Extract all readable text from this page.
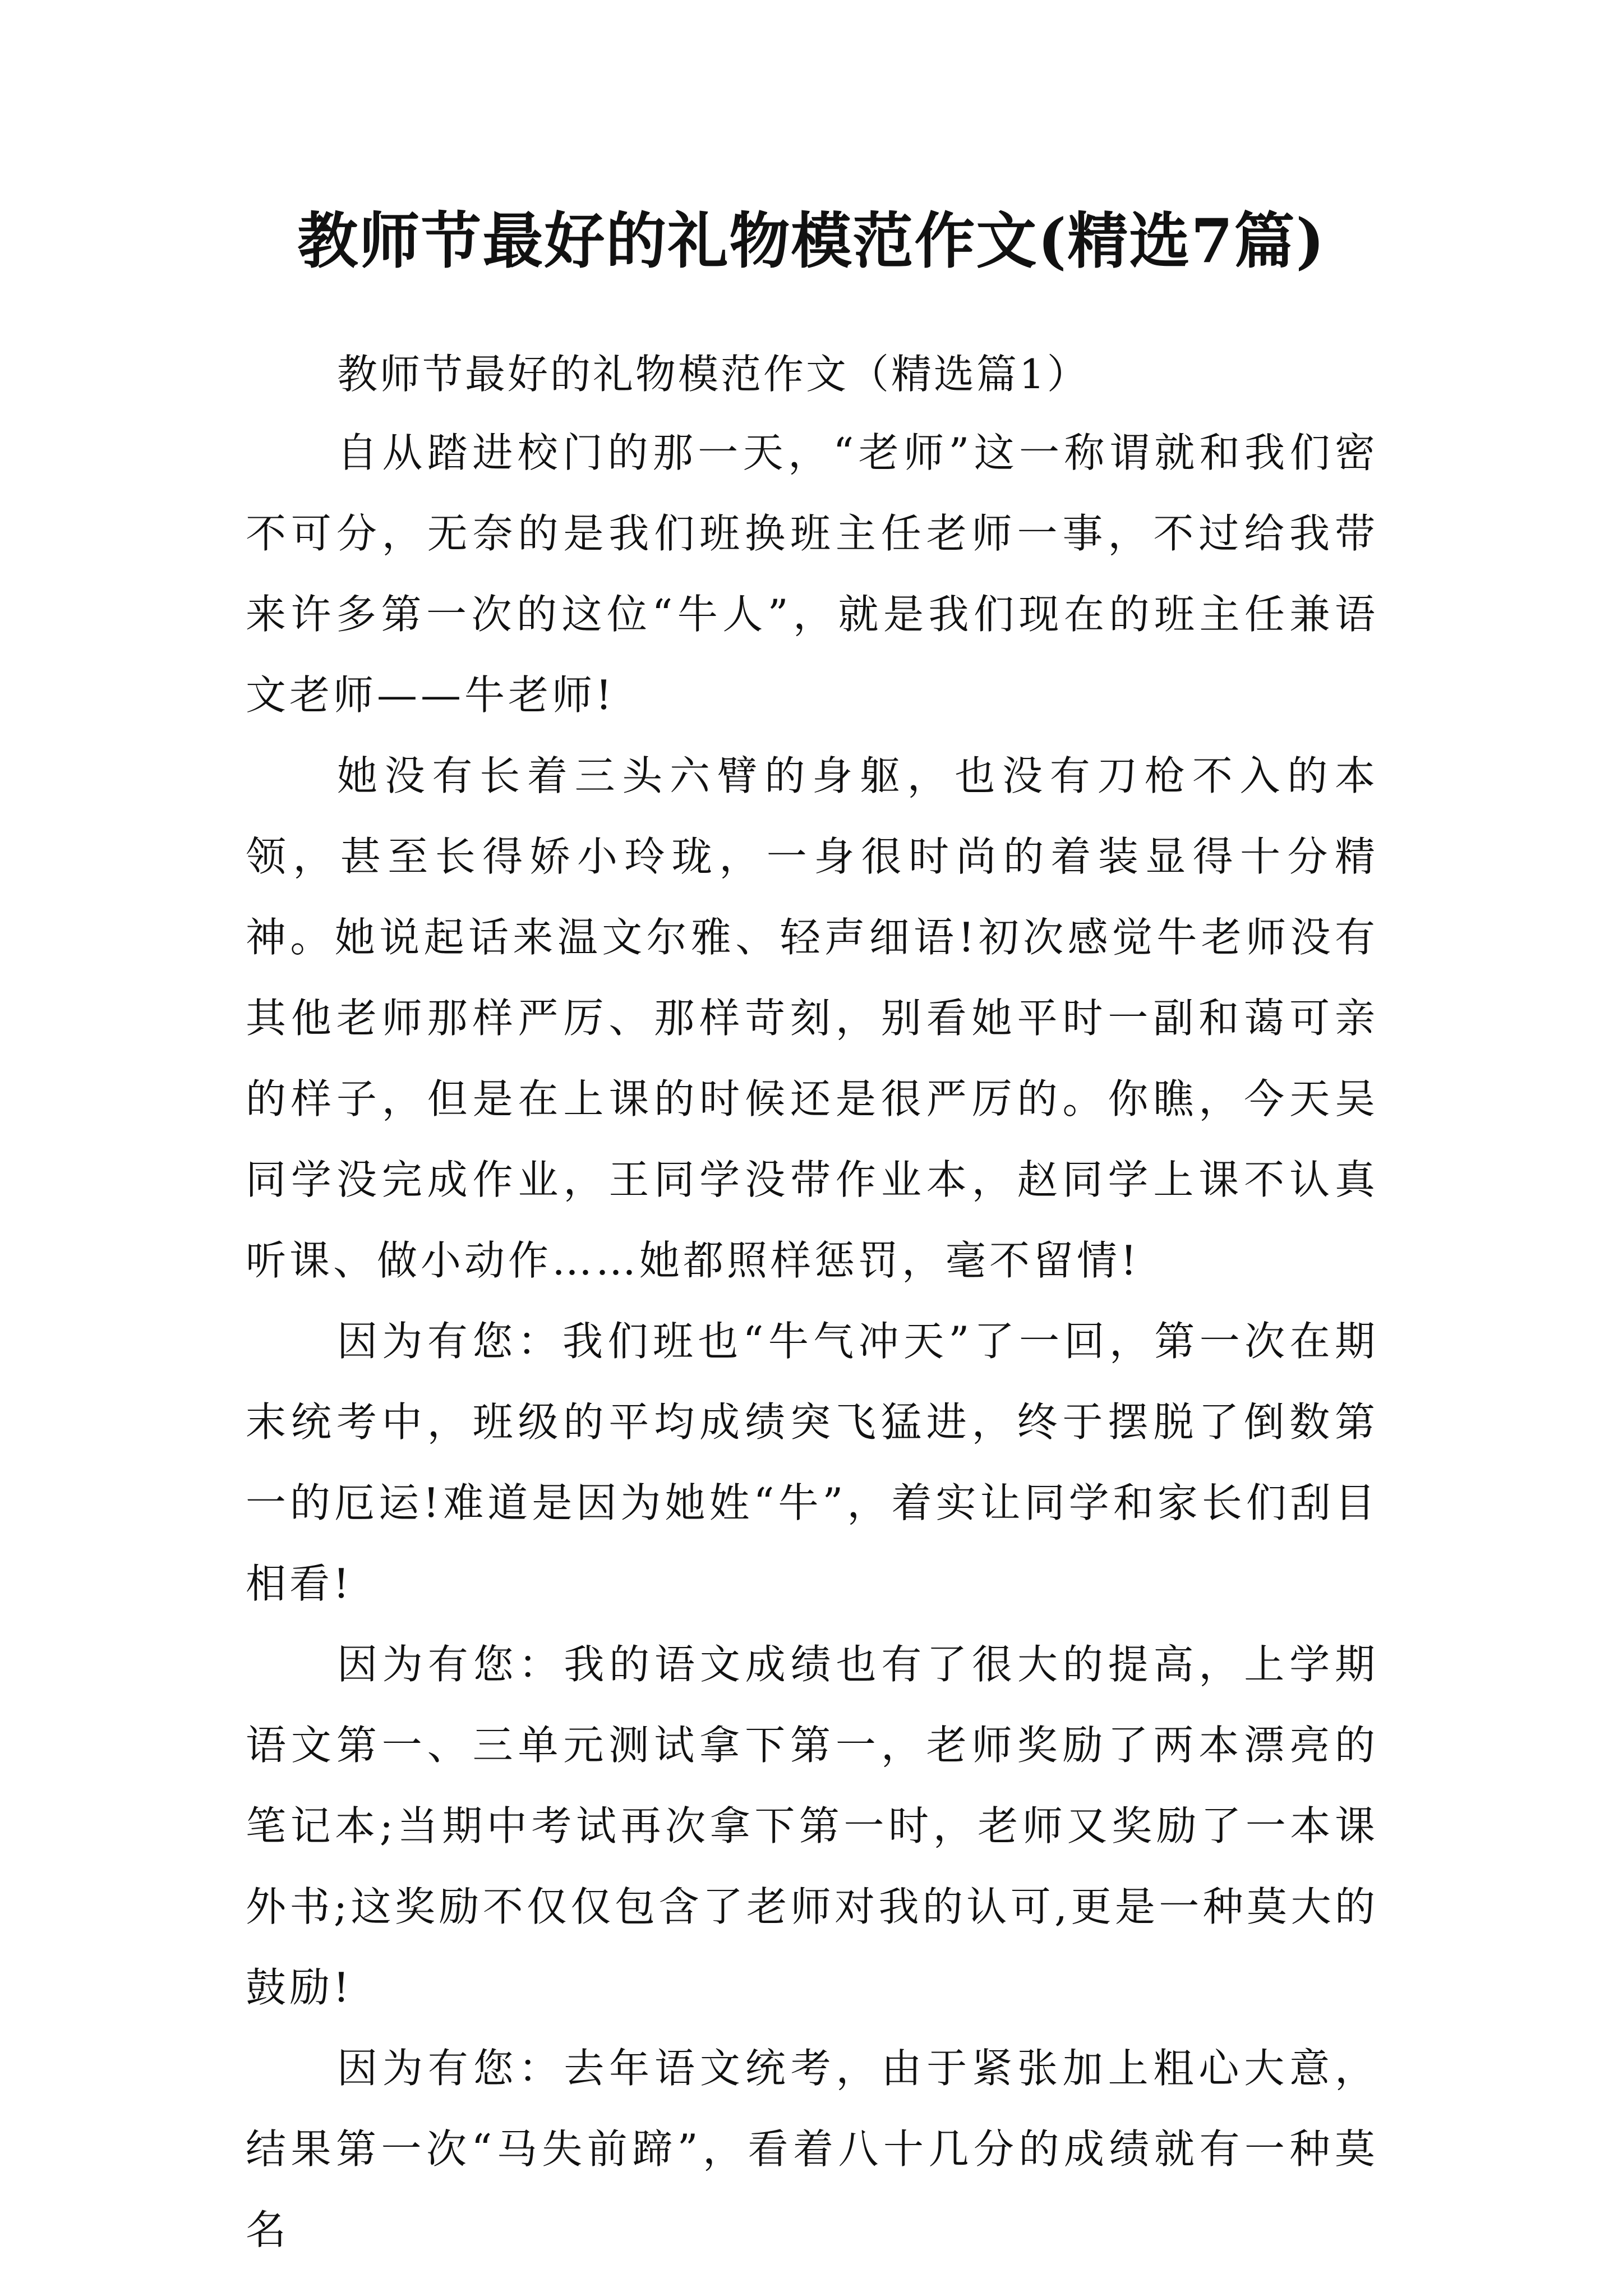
教师节最好的礼物模范作文(精选7篇)
教师节最好的礼物模范作文（精选篇1）

自从踏进校门的那一天，“老师”这一称谓就和我们密不可分，无奈的是我们班换班主任老师一事，不过给我带来许多第一次的这位“牛人”，就是我们现在的班主任兼语文老师——牛老师!

她没有长着三头六臂的身躯，也没有刀枪不入的本领，甚至长得娇小玲珑，一身很时尚的着装显得十分精神。她说起话来温文尔雅、轻声细语!初次感觉牛老师没有其他老师那样严厉、那样苛刻，别看她平时一副和蔼可亲的样子，但是在上课的时候还是很严厉的。你瞧，今天吴同学没完成作业，王同学没带作业本，赵同学上课不认真听课、做小动作……她都照样惩罚，毫不留情!

因为有您：我们班也“牛气冲天”了一回，第一次在期末统考中，班级的平均成绩突飞猛进，终于摆脱了倒数第一的厄运!难道是因为她姓“牛”，着实让同学和家长们刮目相看!

因为有您：我的语文成绩也有了很大的提高，上学期语文第一、三单元测试拿下第一，老师奖励了两本漂亮的笔记本;当期中考试再次拿下第一时，老师又奖励了一本课外书;这奖励不仅仅包含了老师对我的认可,更是一种莫大的鼓励!

因为有您：去年语文统考，由于紧张加上粗心大意，结果第一次“马失前蹄”，看着八十几分的成绩就有一种莫名
